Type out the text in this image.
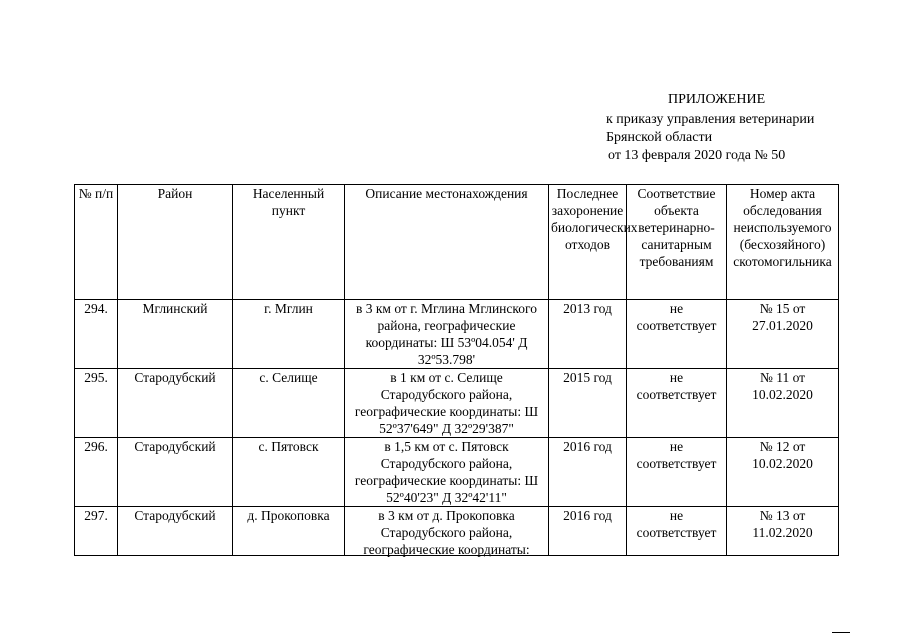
ПРИЛОЖЕНИЕ
к приказу управления ветеринарии
Брянской области
от 13 февраля 2020 года № 50
№ п/п	Район	Населенный пункт	Описание местонахождения	Последнее захоронение биологических отходов	Соответствие объекта ветеринарно-санитарным требованиям	Номер акта обследования неиспользуемого (бесхозяйного) скотомогильника
294.	Мглинский	г. Мглин	в 3 км от г. Мглина Мглинского района, географические координаты: Ш 53º04.054' Д 32º53.798'	2013 год	не соответствует	№ 15 от 27.01.2020
295.	Стародубский	с. Селище	в 1 км от с. Селище Стародубского района, географические координаты: Ш 52º37'649" Д 32º29'387"	2015 год	не соответствует	№ 11 от 10.02.2020
296.	Стародубский	с. Пятовск	в 1,5 км от с. Пятовск Стародубского района, географические координаты: Ш 52º40'23" Д 32º42'11"	2016 год	не соответствует	№ 12 от 10.02.2020
297.	Стародубский	д. Прокоповка	в 3 км от д. Прокоповка Стародубского района, географические координаты:	2016 год	не соответствует	№ 13 от 11.02.2020
